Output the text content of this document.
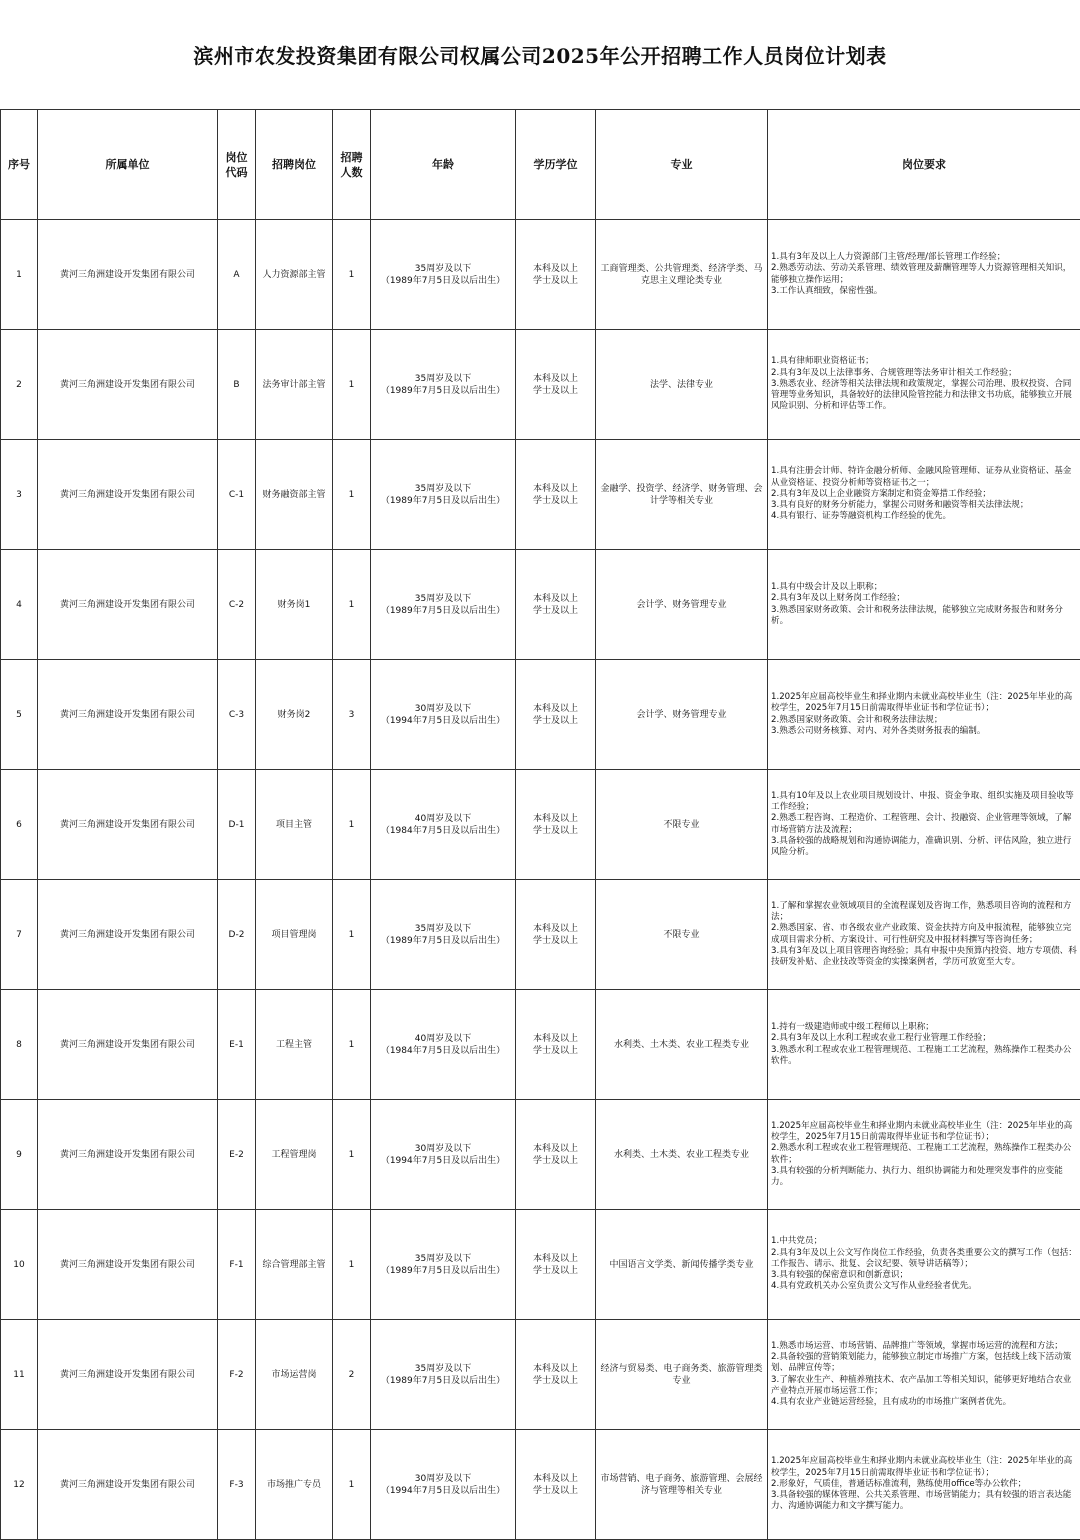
滨州市农发投资集团有限公司权属公司2025年公开招聘工作人员岗位计划表
序号	所属单位	岗位代码	招聘岗位	招聘人数	年龄	学历学位	专业	岗位要求
1	黄河三角洲建设开发集团有限公司	A	人力资源部主管	1	35周岁及以下
（1989年7月5日及以后出生）	本科及以上
学士及以上	工商管理类、公共管理类、经济学类、马克思主义理论类专业	1.具有3年及以上人力资源部门主管/经理/部长管理工作经验；
2.熟悉劳动法、劳动关系管理、绩效管理及薪酬管理等人力资源管理相关知识，能够独立操作运用；
3.工作认真细致，保密性强。

2	黄河三角洲建设开发集团有限公司	B	法务审计部主管	1	35周岁及以下
（1989年7月5日及以后出生）	本科及以上
学士及以上	法学、法律专业	1.具有律师职业资格证书；
2.具有3年及以上法律事务、合规管理等法务审计相关工作经验；
3.熟悉农业、经济等相关法律法规和政策规定，掌握公司治理、股权投资、合同管理等业务知识，具备较好的法律风险管控能力和法律文书功底，能够独立开展风险识别、分析和评估等工作。

3	黄河三角洲建设开发集团有限公司	C-1	财务融资部主管	1	35周岁及以下
（1989年7月5日及以后出生）	本科及以上
学士及以上	金融学、投资学、经济学、财务管理、会计学等相关专业	1.具有注册会计师、特许金融分析师、金融风险管理师、证券从业资格证、基金从业资格证、投资分析师等资格证书之一；
2.具有3年及以上企业融资方案制定和资金筹措工作经验；
3.具有良好的财务分析能力，掌握公司财务和融资等相关法律法规；
4.具有银行、证券等融资机构工作经验的优先。

4	黄河三角洲建设开发集团有限公司	C-2	财务岗1	1	35周岁及以下
（1989年7月5日及以后出生）	本科及以上
学士及以上	会计学、财务管理专业	1.具有中级会计及以上职称；
2.具有3年及以上财务岗工作经验；
3.熟悉国家财务政策、会计和税务法律法规，能够独立完成财务报告和财务分析。

5	黄河三角洲建设开发集团有限公司	C-3	财务岗2	3	30周岁及以下
（1994年7月5日及以后出生）	本科及以上
学士及以上	会计学、财务管理专业	1.2025年应届高校毕业生和择业期内未就业高校毕业生（注：2025年毕业的高校学生，2025年7月15日前需取得毕业证书和学位证书）；
2.熟悉国家财务政策、会计和税务法律法规；
3.熟悉公司财务核算、对内、对外各类财务报表的编制。

6	黄河三角洲建设开发集团有限公司	D-1	项目主管	1	40周岁及以下
（1984年7月5日及以后出生）	本科及以上
学士及以上	不限专业	1.具有10年及以上农业项目规划设计、申报、资金争取、组织实施及项目验收等工作经验；
2.熟悉工程咨询、工程造价、工程管理、会计、投融资、企业管理等领域，了解市场营销方法及流程；
3.具备较强的战略规划和沟通协调能力，准确识别、分析、评估风险，独立进行风险分析。

7	黄河三角洲建设开发集团有限公司	D-2	项目管理岗	1	35周岁及以下
（1989年7月5日及以后出生）	本科及以上
学士及以上	不限专业	1.了解和掌握农业领域项目的全流程谋划及咨询工作，熟悉项目咨询的流程和方法；
2.熟悉国家、省、市各级农业产业政策、资金扶持方向及申报流程，能够独立完成项目需求分析、方案设计、可行性研究及申报材料撰写等咨询任务；
3.具有3年及以上项目管理咨询经验；具有申报中央预算内投资、地方专项债、科技研发补贴、企业技改等资金的实操案例者，学历可放宽至大专。

8	黄河三角洲建设开发集团有限公司	E-1	工程主管	1	40周岁及以下
（1984年7月5日及以后出生）	本科及以上
学士及以上	水利类、土木类、农业工程类专业	1.持有一级建造师或中级工程师以上职称；
2.具有3年及以上水利工程或农业工程行业管理工作经验；
3.熟悉水利工程或农业工程管理规范、工程施工工艺流程，熟练操作工程类办公软件。

9	黄河三角洲建设开发集团有限公司	E-2	工程管理岗	1	30周岁及以下
（1994年7月5日及以后出生）	本科及以上
学士及以上	水利类、土木类、农业工程类专业	1.2025年应届高校毕业生和择业期内未就业高校毕业生（注：2025年毕业的高校学生，2025年7月15日前需取得毕业证书和学位证书）；
2.熟悉水利工程或农业工程管理规范、工程施工工艺流程，熟练操作工程类办公软件；
3.具有较强的分析判断能力、执行力、组织协调能力和处理突发事件的应变能力。

10	黄河三角洲建设开发集团有限公司	F-1	综合管理部主管	1	35周岁及以下
（1989年7月5日及以后出生）	本科及以上
学士及以上	中国语言文学类、新闻传播学类专业	1.中共党员；
2.具有3年及以上公文写作岗位工作经验，负责各类重要公文的撰写工作（包括：工作报告、请示、批复、会议纪要、领导讲话稿等）；
3.具有较强的保密意识和创新意识；
4.具有党政机关办公室负责公文写作从业经验者优先。

11	黄河三角洲建设开发集团有限公司	F-2	市场运营岗	2	35周岁及以下
（1989年7月5日及以后出生）	本科及以上
学士及以上	经济与贸易类、电子商务类、旅游管理类专业	1.熟悉市场运营、市场营销、品牌推广等领域，掌握市场运营的流程和方法；
2.具备较强的营销策划能力，能够独立制定市场推广方案，包括线上线下活动策划、品牌宣传等；
3.了解农业生产、种植养殖技术、农产品加工等相关知识，能够更好地结合农业产业特点开展市场运营工作；
4.具有农业产业链运营经验，且有成功的市场推广案例者优先。

12	黄河三角洲建设开发集团有限公司	F-3	市场推广专员	1	30周岁及以下
（1994年7月5日及以后出生）	本科及以上
学士及以上	市场营销、电子商务、旅游管理、会展经济与管理等相关专业	1.2025年应届高校毕业生和择业期内未就业高校毕业生（注：2025年毕业的高校学生，2025年7月15日前需取得毕业证书和学位证书）；
2.形象好，气质佳，普通话标准流利，熟练使用office等办公软件；
3.具备较强的媒体管理、公共关系管理、市场营销能力；具有较强的语言表达能力、沟通协调能力和文字撰写能力。
